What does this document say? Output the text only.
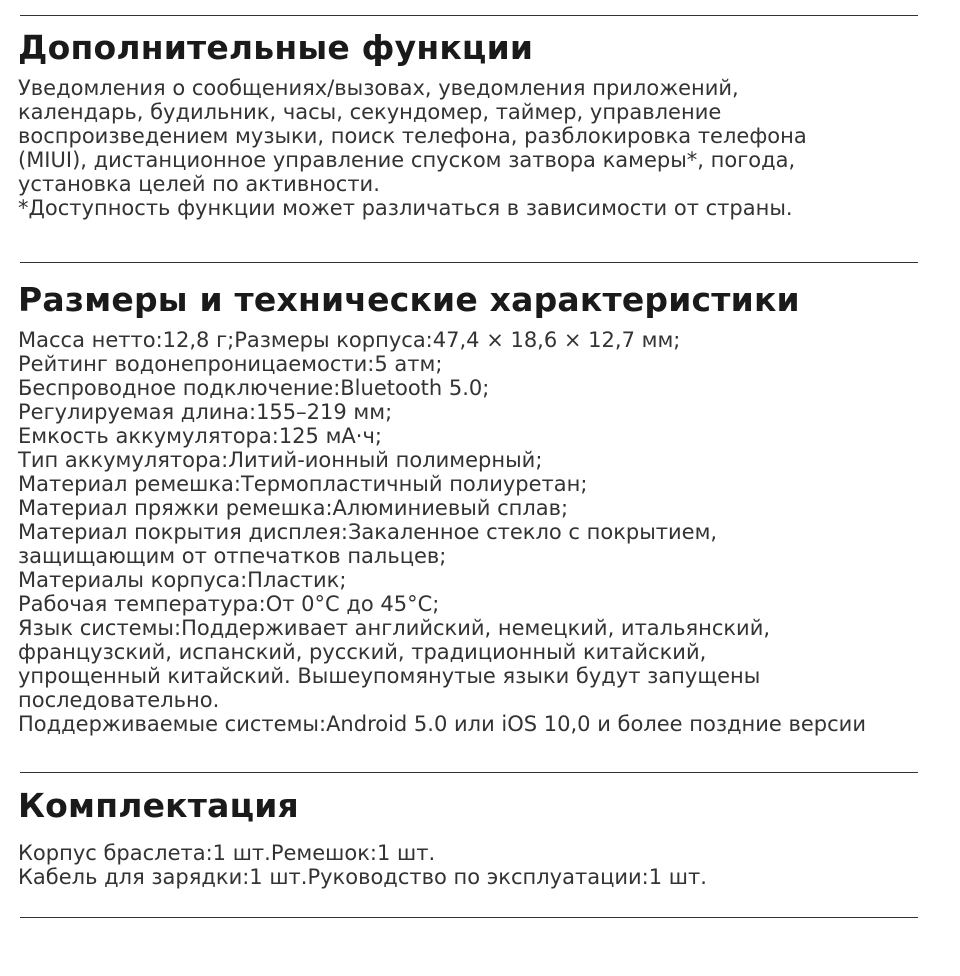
Дополнительные функции
Уведомления о сообщениях/вызовах, уведомления приложений,
календарь, будильник, часы, секундомер, таймер, управление
воспроизведением музыки, поиск телефона, разблокировка телефона
(MIUI), дистанционное управление спуском затвора камеры*, погода,
установка целей по активности.
*Доступность функции может различаться в зависимости от страны.
Размеры и технические характеристики
Масса нетто:12,8 г;Размеры корпуса:47,4 × 18,6 × 12,7 мм;
Рейтинг водонепроницаемости:5 атм;
Беспроводное подключение:Bluetooth 5.0;
Регулируемая длина:155–219 мм;
Емкость аккумулятора:125 мА·ч;
Тип аккумулятора:Литий-ионный полимерный;
Материал ремешка:Термопластичный полиуретан;
Материал пряжки ремешка:Алюминиевый сплав;
Материал покрытия дисплея:Закаленное стекло с покрытием,
защищающим от отпечатков пальцев;
Материалы корпуса:Пластик;
Рабочая температура:От 0°C до 45°C;
Язык системы:Поддерживает английский, немецкий, итальянский,
французский, испанский, русский, традиционный китайский,
упрощенный китайский. Вышеупомянутые языки будут запущены
последовательно.
Поддерживаемые системы:Android 5.0 или iOS 10,0 и более поздние версии
Комплектация
Корпус браслета:1 шт.Ремешок:1 шт.
Кабель для зарядки:1 шт.Руководство по эксплуатации:1 шт.
